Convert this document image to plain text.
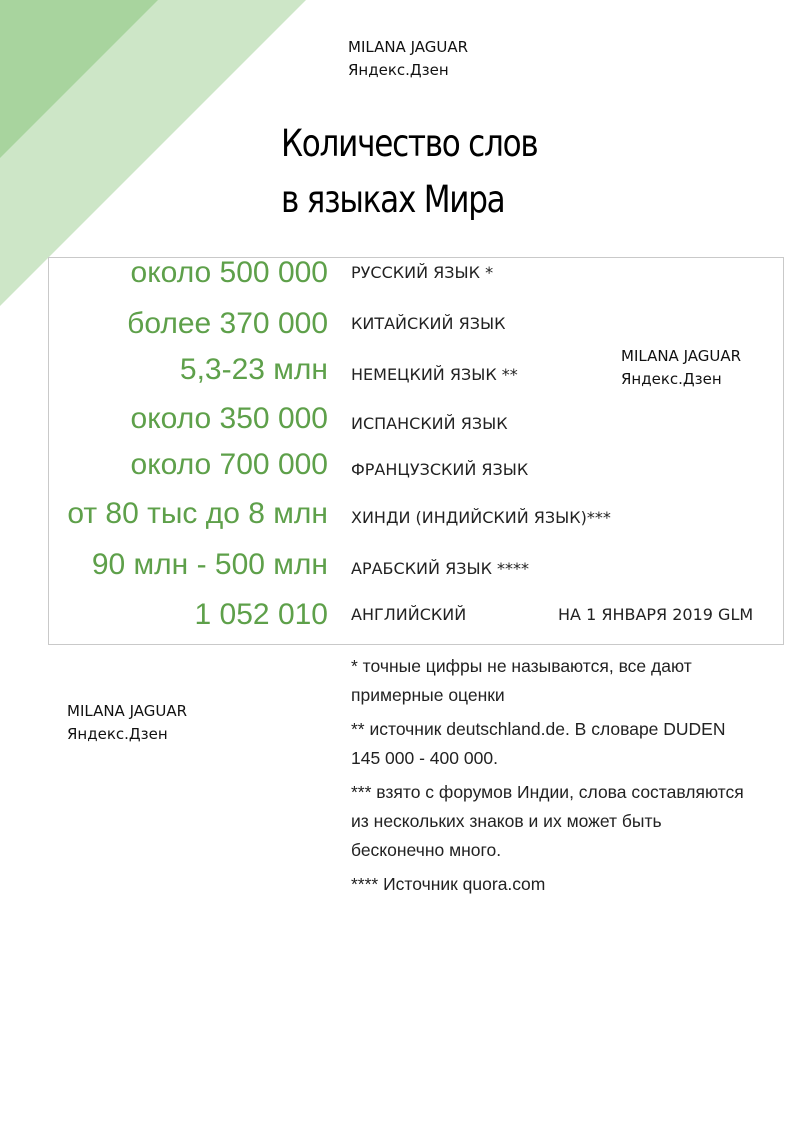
MILANA JAGUAR
Яндекс.Дзен
Количество слов
в языках Мира
около 500 000 РУССКИЙ ЯЗЫК *
более 370 000 КИТАЙСКИЙ ЯЗЫК
5,3-23 млн НЕМЕЦКИЙ ЯЗЫК **
около 350 000 ИСПАНСКИЙ ЯЗЫК
около 700 000 ФРАНЦУЗСКИЙ ЯЗЫК
от 80 тыс до 8 млн ХИНДИ (ИНДИЙСКИЙ ЯЗЫК)***
90 млн - 500 млн АРАБСКИЙ ЯЗЫК ****
1 052 010 АНГЛИЙСКИЙ	НА 1 ЯНВАРЯ 2019 GLM
MILANA JAGUAR
Яндекс.Дзен
MILANA JAGUAR
Яндекс.Дзен

* точные цифры не называются, все дают примерные оценки

** источник deutschland.de. В словаре DUDEN 145 000 - 400 000.

*** взято с форумов Индии, слова составляются из нескольких знаков и их может быть бесконечно много.

**** Источник quora.com
